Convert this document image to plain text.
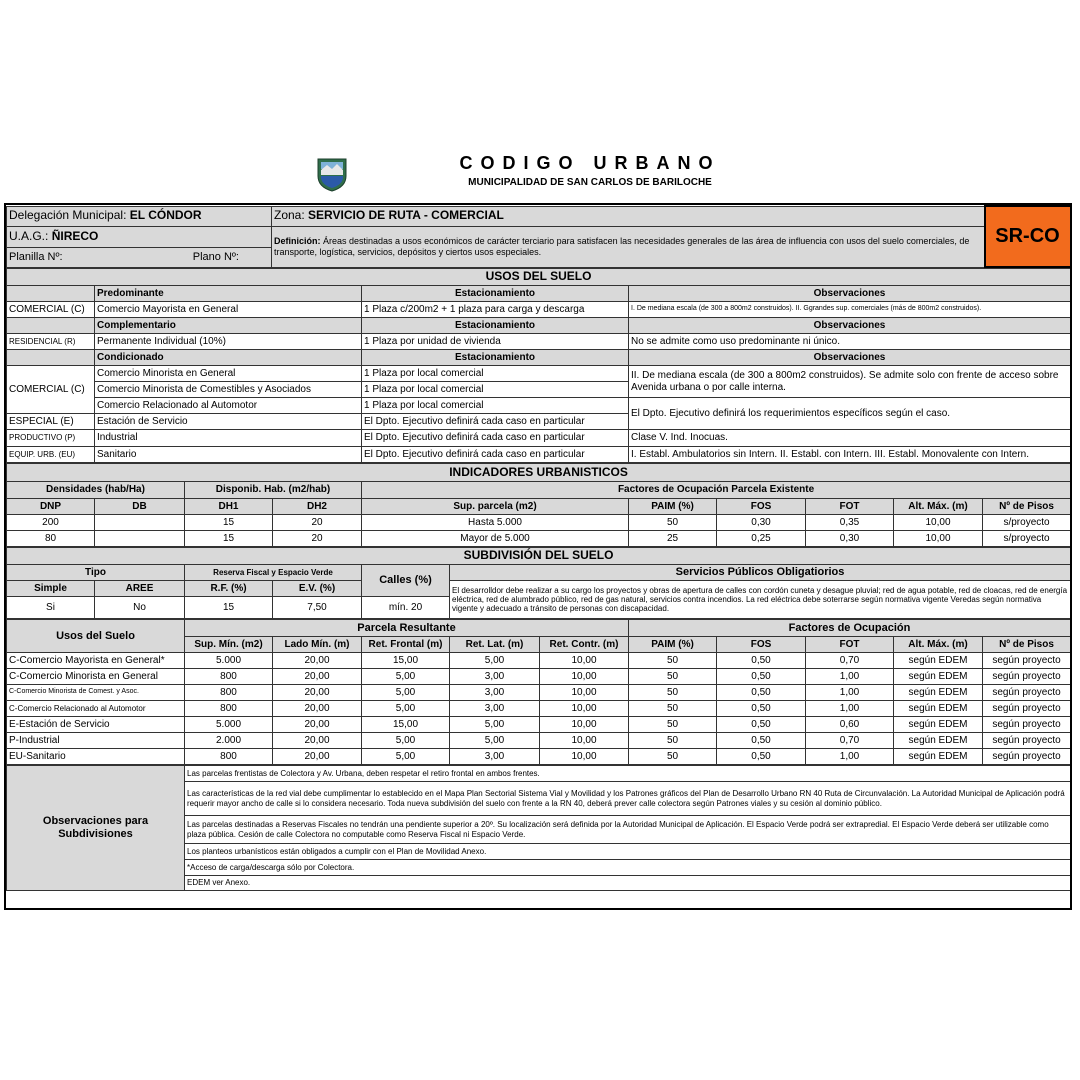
CODIGO URBANO
MUNICIPALIDAD DE SAN CARLOS DE BARILOCHE
Delegación Municipal: EL CÓNDOR	Zona: SERVICIO DE RUTA - COMERCIAL	SR-CO
U.A.G.: ÑIRECO	Definición: Áreas destinadas a usos económicos de carácter terciario para satisfacen las necesidades generales de las área de influencia con usos del suelo comerciales, de transporte, logística, servicios, depósitos y ciertos usos especiales.	
Planilla Nº: Plano Nº:		
USOS DEL SUELO			
	Predominante	Estacionamiento	Observaciones
COMERCIAL (C)	Comercio Mayorista en General	1 Plaza c/200m2 + 1 plaza para carga y descarga	I. De mediana escala (de 300 a 800m2 construidos). II. Ggrandes sup. comerciales (más de 800m2 construidos).
	Complementario	Estacionamiento	Observaciones
RESIDENCIAL (R)	Permanente Individual (10%)	1 Plaza por unidad de vivienda	No se admite como uso predominante ni único.
	Condicionado	Estacionamiento	Observaciones
COMERCIAL (C)	Comercio Minorista en General	1 Plaza por local comercial	II. De mediana escala (de 300 a 800m2 construidos). Se admite solo con frente de acceso sobre Avenida urbana o por calle interna.
	Comercio Minorista de Comestibles y Asociados	1 Plaza por local comercial	
	Comercio Relacionado al Automotor	1 Plaza por local comercial	El Dpto. Ejecutivo definirá los requerimientos específicos según el caso.
ESPECIAL (E)	Estación de Servicio	El Dpto. Ejecutivo definirá cada caso en particular	
PRODUCTIVO (P)	Industrial	El Dpto. Ejecutivo definirá cada caso en particular	Clase V. Ind. Inocuas.
EQUIP. URB. (EU)	Sanitario	El Dpto. Ejecutivo definirá cada caso en particular	I. Establ. Ambulatorios sin Intern. II. Establ. con Intern. III. Establ. Monovalente con Intern.
INDICADORES URBANISTICOS									
Densidades (hab/Ha)		Disponib. Hab. (m2/hab)		Factores de Ocupación Parcela Existente					
DNP	DB	DH1	DH2	Sup. parcela (m2)	PAIM (%)	FOS	FOT	Alt. Máx. (m)	Nº de Pisos
200		15	20	Hasta 5.000	50	0,30	0,35	10,00	s/proyecto
80		15	20	Mayor de 5.000	25	0,25	0,30	10,00	s/proyecto
SUBDIVISIÓN DEL SUELO					
Tipo		Reserva Fiscal y Espacio Verde		Calles (%)	Servicios Públicos Obligatiorios
Simple	AREE	R.F. (%)	E.V. (%)		El desarrolldor debe realizar a su cargo los proyectos y obras de apertura de calles con cordón cuneta y desague pluvial; red de agua potable, red de cloacas, red de energía eléctrica, red de alumbrado público, red de gas natural, servicios contra incendios. La red eléctrica debe soterrarse según normativa vigente Veredas según normativa vigente y adecuado a tránsito de personas con discapacidad.
Si	No	15	7,50	mín. 20	
Usos del Suelo	Parcela Resultante					Factores de Ocupación				
	Sup. Mín. (m2)	Lado Mín. (m)	Ret. Frontal (m)	Ret. Lat. (m)	Ret. Contr. (m)	PAIM (%)	FOS	FOT	Alt. Máx. (m)	Nº de Pisos
C-Comercio Mayorista en General*	5.000	20,00	15,00	5,00	10,00	50	0,50	0,70	según EDEM	según proyecto
C-Comercio Minorista en General	800	20,00	5,00	3,00	10,00	50	0,50	1,00	según EDEM	según proyecto
C-Comercio Minorista de Comest. y Asoc.	800	20,00	5,00	3,00	10,00	50	0,50	1,00	según EDEM	según proyecto
C-Comercio Relacionado al Automotor	800	20,00	5,00	3,00	10,00	50	0,50	1,00	según EDEM	según proyecto
E-Estación de Servicio	5.000	20,00	15,00	5,00	10,00	50	0,50	0,60	según EDEM	según proyecto
P-Industrial	2.000	20,00	5,00	5,00	10,00	50	0,50	0,70	según EDEM	según proyecto
EU-Sanitario	800	20,00	5,00	3,00	10,00	50	0,50	1,00	según EDEM	según proyecto
Observaciones para Subdivisiones	Las parcelas frentistas de Colectora y Av. Urbana, deben respetar el retiro frontal en ambos frentes.
Las características de la red vial debe cumplimentar lo establecido en el Mapa Plan Sectorial Sistema Vial y Movilidad y los Patrones gráficos del Plan de Desarrollo Urbano RN 40 Ruta de Circunvalación. La Autoridad Municipal de Aplicación podrá requerir mayor ancho de calle si lo considera necesario. Toda nueva subdivisión del suelo con frente a la RN 40, deberá prever calle colectora según Patrones viales y su cesión al dominio público.
Las parcelas destinadas a Reservas Fiscales no tendrán una pendiente superior a 20º. Su localización será definida por la Autoridad Municipal de Aplicación. El Espacio Verde podrá ser extrapredial. El Espacio Verde deberá ser utilizable como plaza pública. Cesión de calle Colectora no computable como Reserva Fiscal ni Espacio Verde.
Los planteos urbanísticos están obligados a cumplir con el Plan de Movilidad Anexo.
*Acceso de carga/descarga sólo por Colectora.
EDEM ver Anexo.
